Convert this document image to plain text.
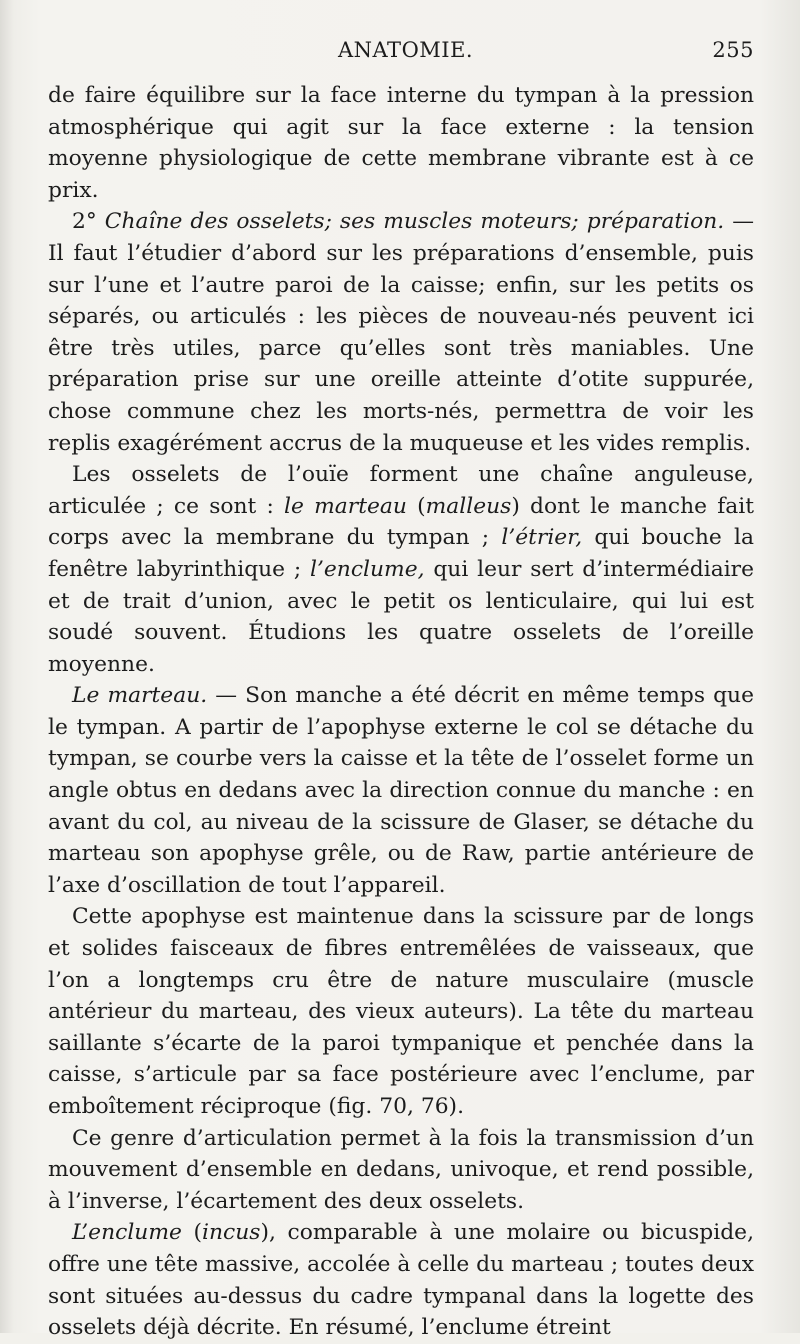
ANATOMIE.	255

de faire équilibre sur la face interne du tympan à la pression atmosphérique qui agit sur la face externe : la tension moyenne physiologique de cette membrane vibrante est à ce prix.

2° Chaîne des osselets; ses muscles moteurs; préparation. — Il faut l’étudier d’abord sur les préparations d’ensemble, puis sur l’une et l’autre paroi de la caisse; enfin, sur les petits os séparés, ou articulés : les pièces de nouveau-nés peuvent ici être très utiles, parce qu’elles sont très maniables. Une préparation prise sur une oreille atteinte d’otite suppurée, chose commune chez les morts-nés, permettra de voir les replis exagérément accrus de la muqueuse et les vides remplis.

Les osselets de l’ouïe forment une chaîne anguleuse, articulée ; ce sont : le marteau (malleus) dont le manche fait corps avec la membrane du tympan ; l’étrier, qui bouche la fenêtre labyrinthique ; l’enclume, qui leur sert d’intermédiaire et de trait d’union, avec le petit os lenticulaire, qui lui est soudé souvent. Étudions les quatre osselets de l’oreille moyenne.

Le marteau. — Son manche a été décrit en même temps que le tympan. A partir de l’apophyse externe le col se détache du tympan, se courbe vers la caisse et la tête de l’osselet forme un angle obtus en dedans avec la direction connue du manche : en avant du col, au niveau de la scissure de Glaser, se détache du marteau son apophyse grêle, ou de Raw, partie antérieure de l’axe d’oscillation de tout l’appareil.

Cette apophyse est maintenue dans la scissure par de longs et solides faisceaux de fibres entremêlées de vaisseaux, que l’on a longtemps cru être de nature musculaire (muscle antérieur du marteau, des vieux auteurs). La tête du marteau saillante s’écarte de la paroi tympanique et penchée dans la caisse, s’articule par sa face postérieure avec l’enclume, par emboîtement réciproque (fig. 70, 76).

Ce genre d’articulation permet à la fois la transmission d’un mouvement d’ensemble en dedans, univoque, et rend possible, à l’inverse, l’écartement des deux osselets.

L’enclume (incus), comparable à une molaire ou bicuspide, offre une tête massive, accolée à celle du marteau ; toutes deux sont situées au-dessus du cadre tympanal dans la logette des osselets déjà décrite. En résumé, l’enclume étreint
